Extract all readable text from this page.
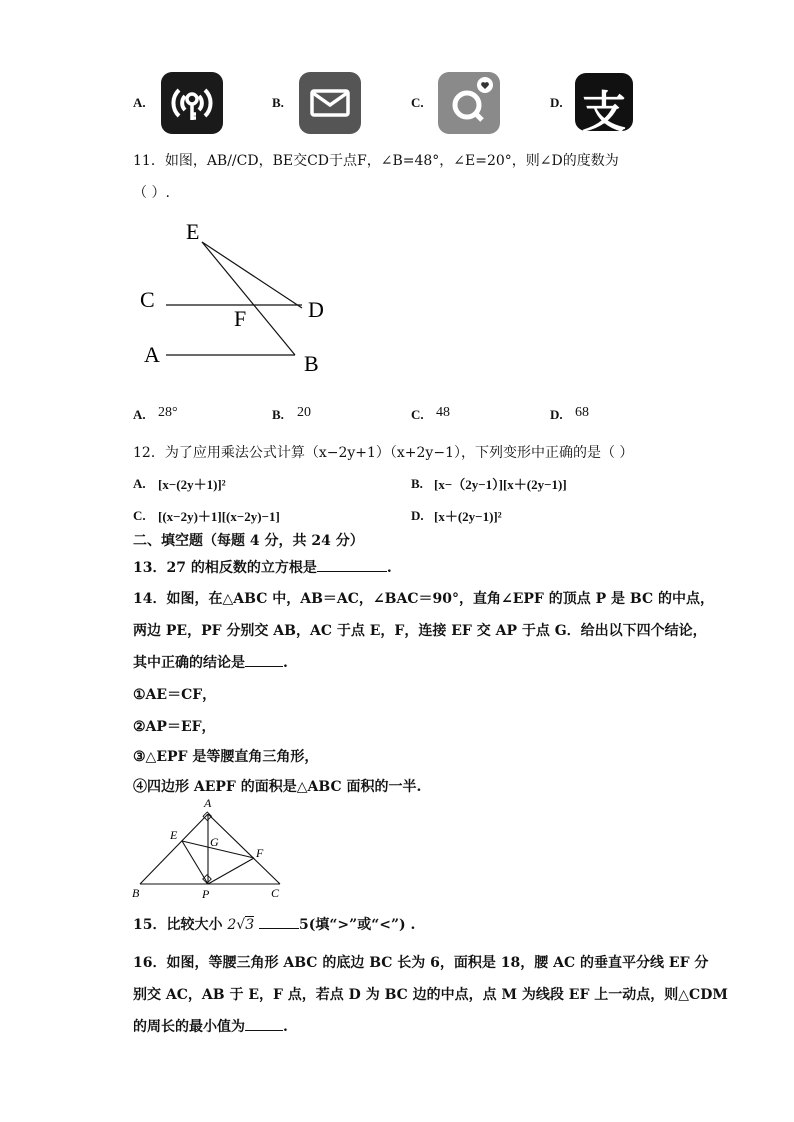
A.	B.	C.	D. 支
11．如图，AB//CD，BE交CD于点F，∠B=48°，∠E=20°，则∠D的度数为
（ ）.
E
C
F	D
A	B
A. 28°	B. 20	C. 48	D. 68
12．为了应用乘法公式计算（x−2y+1）（x+2y−1），下列变形中正确的是（ ）
A. [x−(2y＋1)]²	B. [x−（2y−1）][x＋(2y−1)]
C. [(x−2y)＋1][(x−2y)−1]	D. [x＋(2y−1)]²
二、填空题（每题 4 分，共 24 分）
13．27 的相反数的立方根是	.
14．如图，在△ABC 中，AB＝AC，∠BAC＝90°，直角∠EPF 的顶点 P 是 BC 的中点，
两边 PE，PF 分别交 AB，AC 于点 E，F，连接 EF 交 AP 于点 G．给出以下四个结论，
其中正确的结论是	.
①AE＝CF，
②AP＝EF，
③△EPF 是等腰直角三角形，
④四边形 AEPF 的面积是△ABC 面积的一半.
A
E	G
F
B	P	C
15．比较大小 2√3	5(填“>”或“<”) .
16．如图，等腰三角形 ABC 的底边 BC 长为 6，面积是 18，腰 AC 的垂直平分线 EF 分
别交 AC，AB 于 E，F 点，若点 D 为 BC 边的中点，点 M 为线段 EF 上一动点，则△CDM
的周长的最小值为	.
